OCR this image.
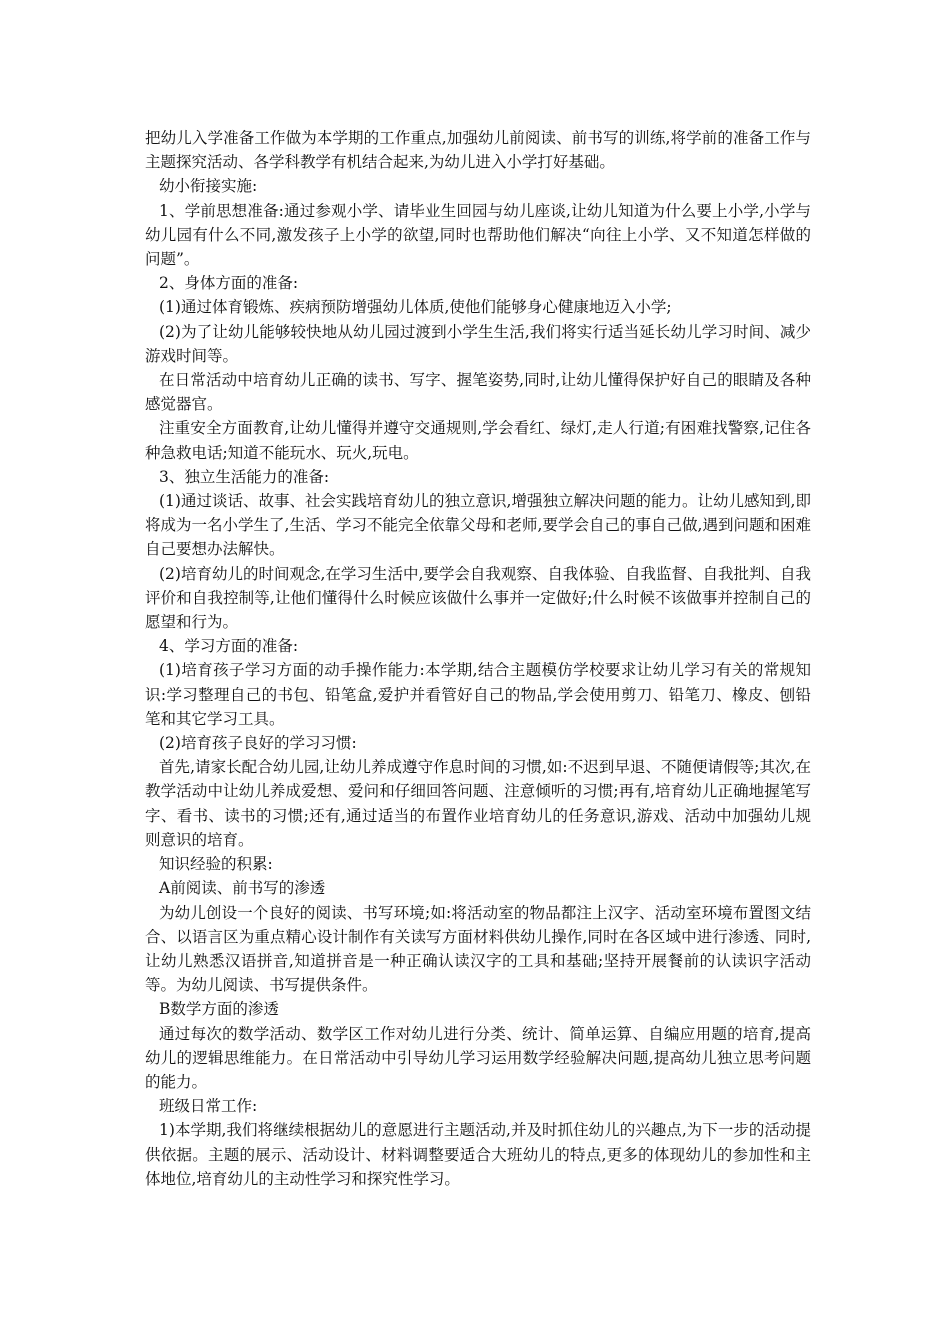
把幼儿入学准备工作做为本学期的工作重点,加强幼儿前阅读、前书写的训练,将学前的准备工作与主题探究活动、各学科教学有机结合起来,为幼儿进入小学打好基础。

幼小衔接实施:

1、学前思想准备:通过参观小学、请毕业生回园与幼儿座谈,让幼儿知道为什么要上小学,小学与幼儿园有什么不同,激发孩子上小学的欲望,同时也帮助他们解决“向往上小学、又不知道怎样做的问题”。

2、身体方面的准备:

(1)通过体育锻炼、疾病预防增强幼儿体质,使他们能够身心健康地迈入小学;

(2)为了让幼儿能够较快地从幼儿园过渡到小学生生活,我们将实行适当延长幼儿学习时间、减少游戏时间等。

在日常活动中培育幼儿正确的读书、写字、握笔姿势,同时,让幼儿懂得保护好自己的眼睛及各种感觉器官。

注重安全方面教育,让幼儿懂得并遵守交通规则,学会看红、绿灯,走人行道;有困难找警察,记住各种急救电话;知道不能玩水、玩火,玩电。

3、独立生活能力的准备:

(1)通过谈话、故事、社会实践培育幼儿的独立意识,增强独立解决问题的能力。让幼儿感知到,即将成为一名小学生了,生活、学习不能完全依靠父母和老师,要学会自己的事自己做,遇到问题和困难自己要想办法解快。

(2)培育幼儿的时间观念,在学习生活中,要学会自我观察、自我体验、自我监督、自我批判、自我评价和自我控制等,让他们懂得什么时候应该做什么事并一定做好;什么时候不该做事并控制自己的愿望和行为。

4、学习方面的准备:

(1)培育孩子学习方面的动手操作能力:本学期,结合主题模仿学校要求让幼儿学习有关的常规知识:学习整理自己的书包、铅笔盒,爱护并看管好自己的物品,学会使用剪刀、铅笔刀、橡皮、刨铅笔和其它学习工具。

(2)培育孩子良好的学习习惯:

首先,请家长配合幼儿园,让幼儿养成遵守作息时间的习惯,如:不迟到早退、不随便请假等;其次,在教学活动中让幼儿养成爱想、爱问和仔细回答问题、注意倾听的习惯;再有,培育幼儿正确地握笔写字、看书、读书的习惯;还有,通过适当的布置作业培育幼儿的任务意识,游戏、活动中加强幼儿规则意识的培育。

知识经验的积累:

A前阅读、前书写的渗透

为幼儿创设一个良好的阅读、书写环境;如:将活动室的物品都注上汉字、活动室环境布置图文结合、以语言区为重点精心设计制作有关读写方面材料供幼儿操作,同时在各区域中进行渗透、同时,让幼儿熟悉汉语拼音,知道拼音是一种正确认读汉字的工具和基础;坚持开展餐前的认读识字活动等。为幼儿阅读、书写提供条件。

B数学方面的渗透

通过每次的数学活动、数学区工作对幼儿进行分类、统计、简单运算、自编应用题的培育,提高幼儿的逻辑思维能力。在日常活动中引导幼儿学习运用数学经验解决问题,提高幼儿独立思考问题的能力。

班级日常工作:

1)本学期,我们将继续根据幼儿的意愿进行主题活动,并及时抓住幼儿的兴趣点,为下一步的活动提供依据。主题的展示、活动设计、材料调整要适合大班幼儿的特点,更多的体现幼儿的参加性和主体地位,培育幼儿的主动性学习和探究性学习。
